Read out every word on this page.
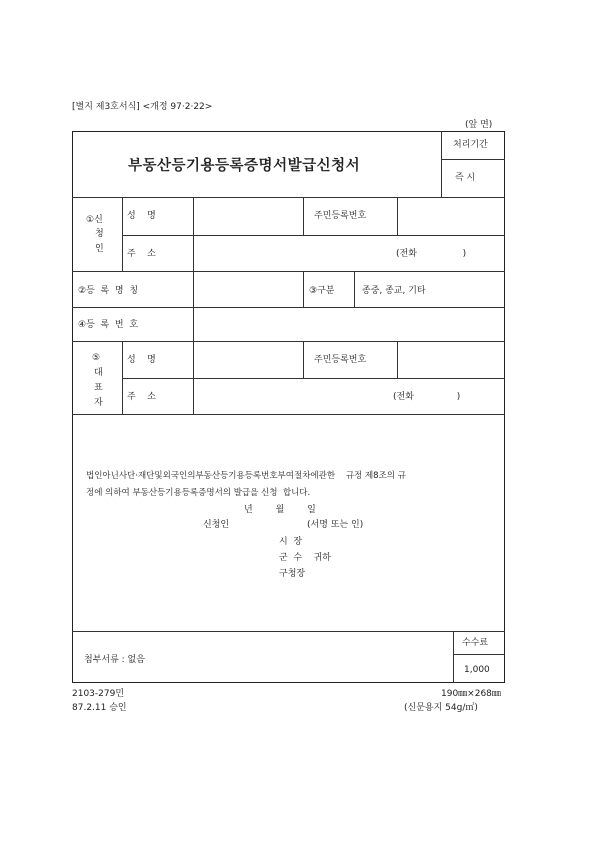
[별지 제3호서식] <개정 97·2·22>
(앞 면)
부동산등기용등록증명서발급신청서
처리기간
즉 시
①신
청
인
성    명	주민등록번호
주    소	(전화                )
②등  록  명  칭	③구분	종중, 종교, 기타
④등  록  번  호
⑤
대
표
자
성    명	주민등록번호
주    소	(전화               )
법인아닌사단·재단및외국인의부동산등기용등록번호부여절차에관한    규정 제8조의 규
정에 의하여 부동산등기용등록증명서의 발급을 신청  합니다.
년        월        일
신청인	(서명 또는 인)
시  장
군  수    귀하
구청장
첨부서류 : 없음
수수료
1,000
2103-279민
87.2.11 승인
190㎜×268㎜
(신문용지 54g/㎡)
